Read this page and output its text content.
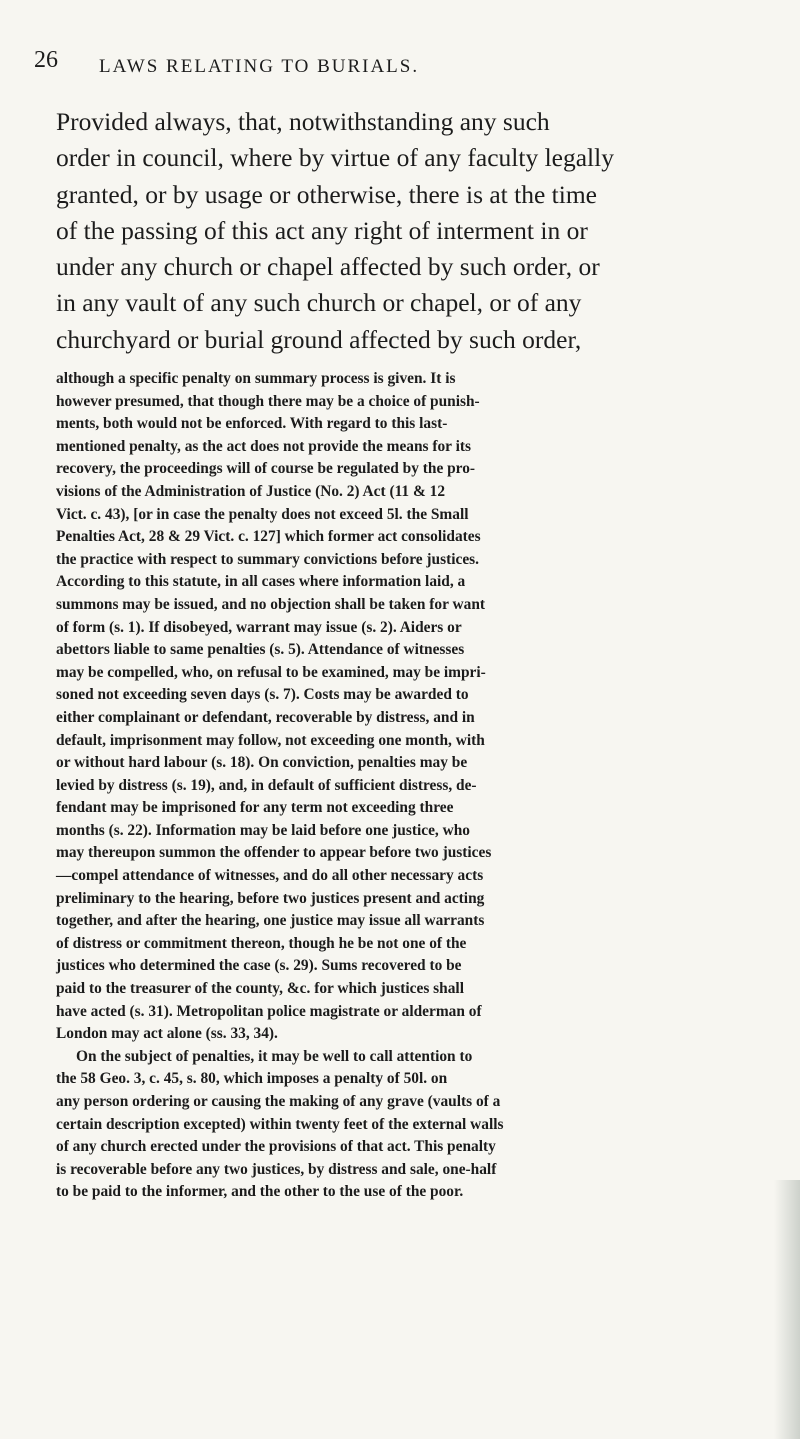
26 LAWS RELATING TO BURIALS.
Provided always, that, notwithstanding any such
order in council, where by virtue of any faculty legally
granted, or by usage or otherwise, there is at the time
of the passing of this act any right of interment in or
under any church or chapel affected by such order, or
in any vault of any such church or chapel, or of any
churchyard or burial ground affected by such order,
although a specific penalty on summary process is given. It is
however presumed, that though there may be a choice of punish-
ments, both would not be enforced. With regard to this last-
mentioned penalty, as the act does not provide the means for its
recovery, the proceedings will of course be regulated by the pro-
visions of the Administration of Justice (No. 2) Act (11 & 12
Vict. c. 43), [or in case the penalty does not exceed 5l. the Small
Penalties Act, 28 & 29 Vict. c. 127] which former act consolidates
the practice with respect to summary convictions before justices.
According to this statute, in all cases where information laid, a
summons may be issued, and no objection shall be taken for want
of form (s. 1). If disobeyed, warrant may issue (s. 2). Aiders or
abettors liable to same penalties (s. 5). Attendance of witnesses
may be compelled, who, on refusal to be examined, may be impri-
soned not exceeding seven days (s. 7). Costs may be awarded to
either complainant or defendant, recoverable by distress, and in
default, imprisonment may follow, not exceeding one month, with
or without hard labour (s. 18). On conviction, penalties may be
levied by distress (s. 19), and, in default of sufficient distress, de-
fendant may be imprisoned for any term not exceeding three
months (s. 22). Information may be laid before one justice, who
may thereupon summon the offender to appear before two justices
—compel attendance of witnesses, and do all other necessary acts
preliminary to the hearing, before two justices present and acting
together, and after the hearing, one justice may issue all warrants
of distress or commitment thereon, though he be not one of the
justices who determined the case (s. 29). Sums recovered to be
paid to the treasurer of the county, &c. for which justices shall
have acted (s. 31). Metropolitan police magistrate or alderman of
London may act alone (ss. 33, 34).
On the subject of penalties, it may be well to call attention to
the 58 Geo. 3, c. 45, s. 80, which imposes a penalty of 50l. on
any person ordering or causing the making of any grave (vaults of a
certain description excepted) within twenty feet of the external walls
of any church erected under the provisions of that act. This penalty
is recoverable before any two justices, by distress and sale, one-half
to be paid to the informer, and the other to the use of the poor.
